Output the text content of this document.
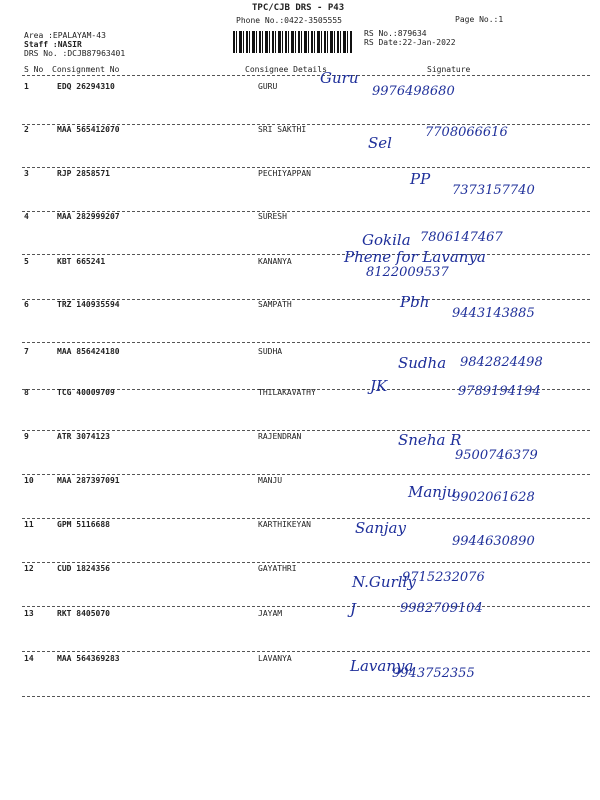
TPC/CJB DRS - P43
Phone No.:0422-3505555	Page No.:1
Area :EPALAYAM-43
Staff :NASIR
DRS No. :DCJB87963401
RS No.:879634
RS Date:22-Jan-2022
S No Consignment No	Consignee Details	Signature
1	EDQ 26294310	GURU	Guru
9976498680
2	MAA 565412070	SRI SAKTHI
Sel
7708066616
3	RJP 2858571	PECHIYAPPAN	PP
7373157740
4	MAA 282999207	SURESH
Gokila 7806147467
5	KBT 665241	KANANYA	Phene for Lavanya
8122009537
6	TRZ 140935594	SAMPATH	Pbh
9443143885
7	MAA 856424180	SUDHA
Sudha 9842824498
8	TCG 40009709	THILAKAVATHY	JK	9789194194
9	ATR 3074123	RAJENDRAN	Sneha R
9500746379
10	MAA 287397091	MANJU
Manju
9902061628
11	GPM 5116688	KARTHIKEYAN	Sanjay
9944630890
12	CUD 1824356	GAYATHRI
N.Gurlly
9715232076
13	RKT 8405070	JAYAM	J	9982709104
14	MAA 564369283	LAVANYA	Lavanya
9943752355
